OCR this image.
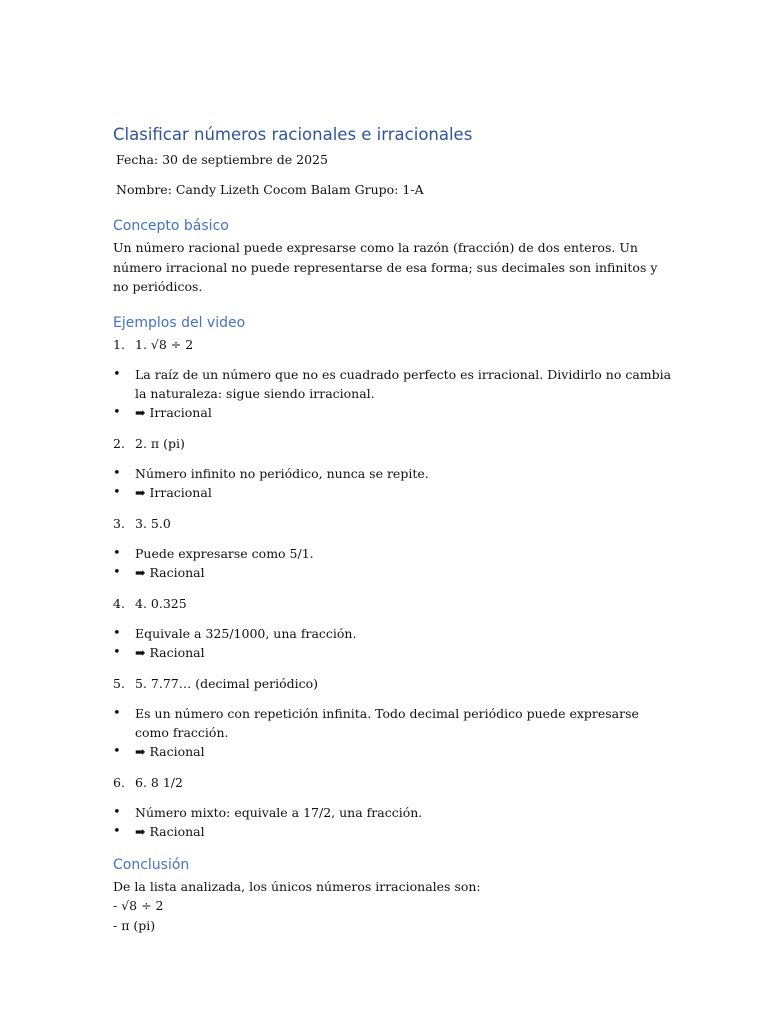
Clasificar números racionales e irracionales

Fecha: 30 de septiembre de 2025

Nombre: Candy Lizeth Cocom Balam Grupo: 1-A

Concepto básico

Un número racional puede expresarse como la razón (fracción) de dos enteros. Un número irracional no puede representarse de esa forma; sus decimales son infinitos y no periódicos.

Ejemplos del video
1. 1. √8 ÷ 2
•	La raíz de un número que no es cuadrado perfecto es irracional. Dividirlo no cambia la naturaleza: sigue siendo irracional.
•	➡ Irracional
2. 2. π (pi)
•	Número infinito no periódico, nunca se repite.
•	➡ Irracional
3. 3. 5.0
•	Puede expresarse como 5/1.
•	➡ Racional
4. 4. 0.325
•	Equivale a 325/1000, una fracción.
•	➡ Racional
5. 5. 7.77… (decimal periódico)
•	Es un número con repetición infinita. Todo decimal periódico puede expresarse como fracción.
•	➡ Racional
6. 6. 8 1/2
•	Número mixto: equivale a 17/2, una fracción.
•	➡ Racional
Conclusión

De la lista analizada, los únicos números irracionales son:

- √8 ÷ 2

- π (pi)
